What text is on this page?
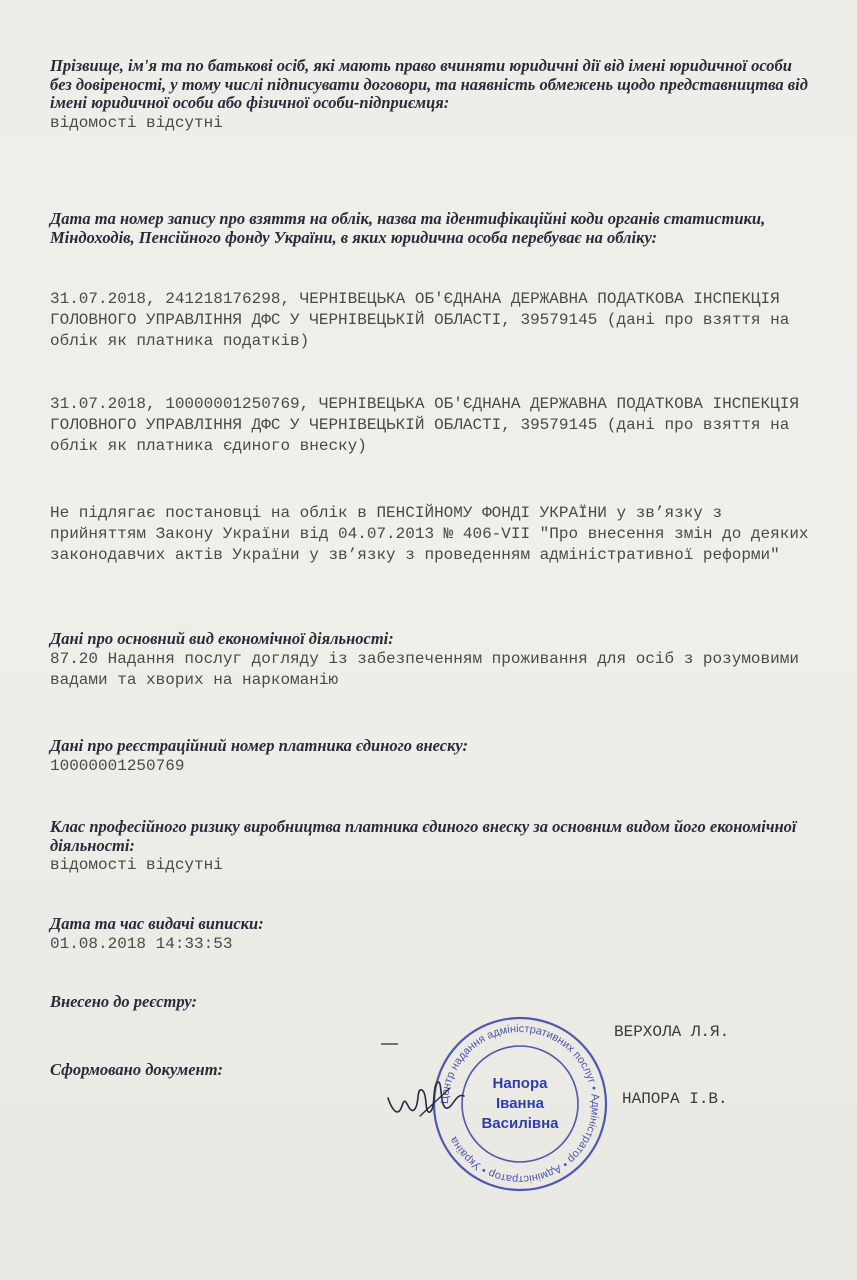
Прізвище, ім'я та по батькові осіб, які мають право вчиняти юридичні дії від імені юридичної особи без довіреності, у тому числі підписувати договори, та наявність обмежень щодо представництва від імені юридичної особи або фізичної особи-підприємця:

відомості відсутні

Дата та номер запису про взяття на облік, назва та ідентифікаційні коди органів статистики, Міндоходів, Пенсійного фонду України, в яких юридична особа перебуває на обліку:

31.07.2018, 241218176298, ЧЕРНІВЕЦЬКА ОБ'ЄДНАНА ДЕРЖАВНА ПОДАТКОВА ІНСПЕКЦІЯ ГОЛОВНОГО УПРАВЛІННЯ ДФС У ЧЕРНІВЕЦЬКІЙ ОБЛАСТІ, 39579145 (дані про взяття на облік як платника податків)

31.07.2018, 10000001250769, ЧЕРНІВЕЦЬКА ОБ'ЄДНАНА ДЕРЖАВНА ПОДАТКОВА ІНСПЕКЦІЯ ГОЛОВНОГО УПРАВЛІННЯ ДФС У ЧЕРНІВЕЦЬКІЙ ОБЛАСТІ, 39579145 (дані про взяття на облік як платника єдиного внеску)

Не підлягає постановці на облік в ПЕНСІЙНОМУ ФОНДІ УКРАЇНИ у зв’язку з прийняттям Закону України від 04.07.2013 № 406-VII "Про внесення змін до деяких законодавчих актів України у зв’язку з проведенням адміністративної реформи"

Дані про основний вид економічної діяльності:

87.20 Надання послуг догляду із забезпеченням проживання для осіб з розумовими вадами та хворих на наркоманію

Дані про реєстраційний номер платника єдиного внеску:

10000001250769

Клас професійного ризику виробництва платника єдиного внеску за основним видом його економічної діяльності:

відомості відсутні

Дата та час видачі виписки:

01.08.2018 14:33:53

Внесено до реєстру:

ВЕРХОЛА Л.Я.

Сформовано документ:

НАПОРА І.В.
Центр надання адміністративних послуг • Адміністратор • Адміністратор • Україна
Напора
Іванна
Василівна
